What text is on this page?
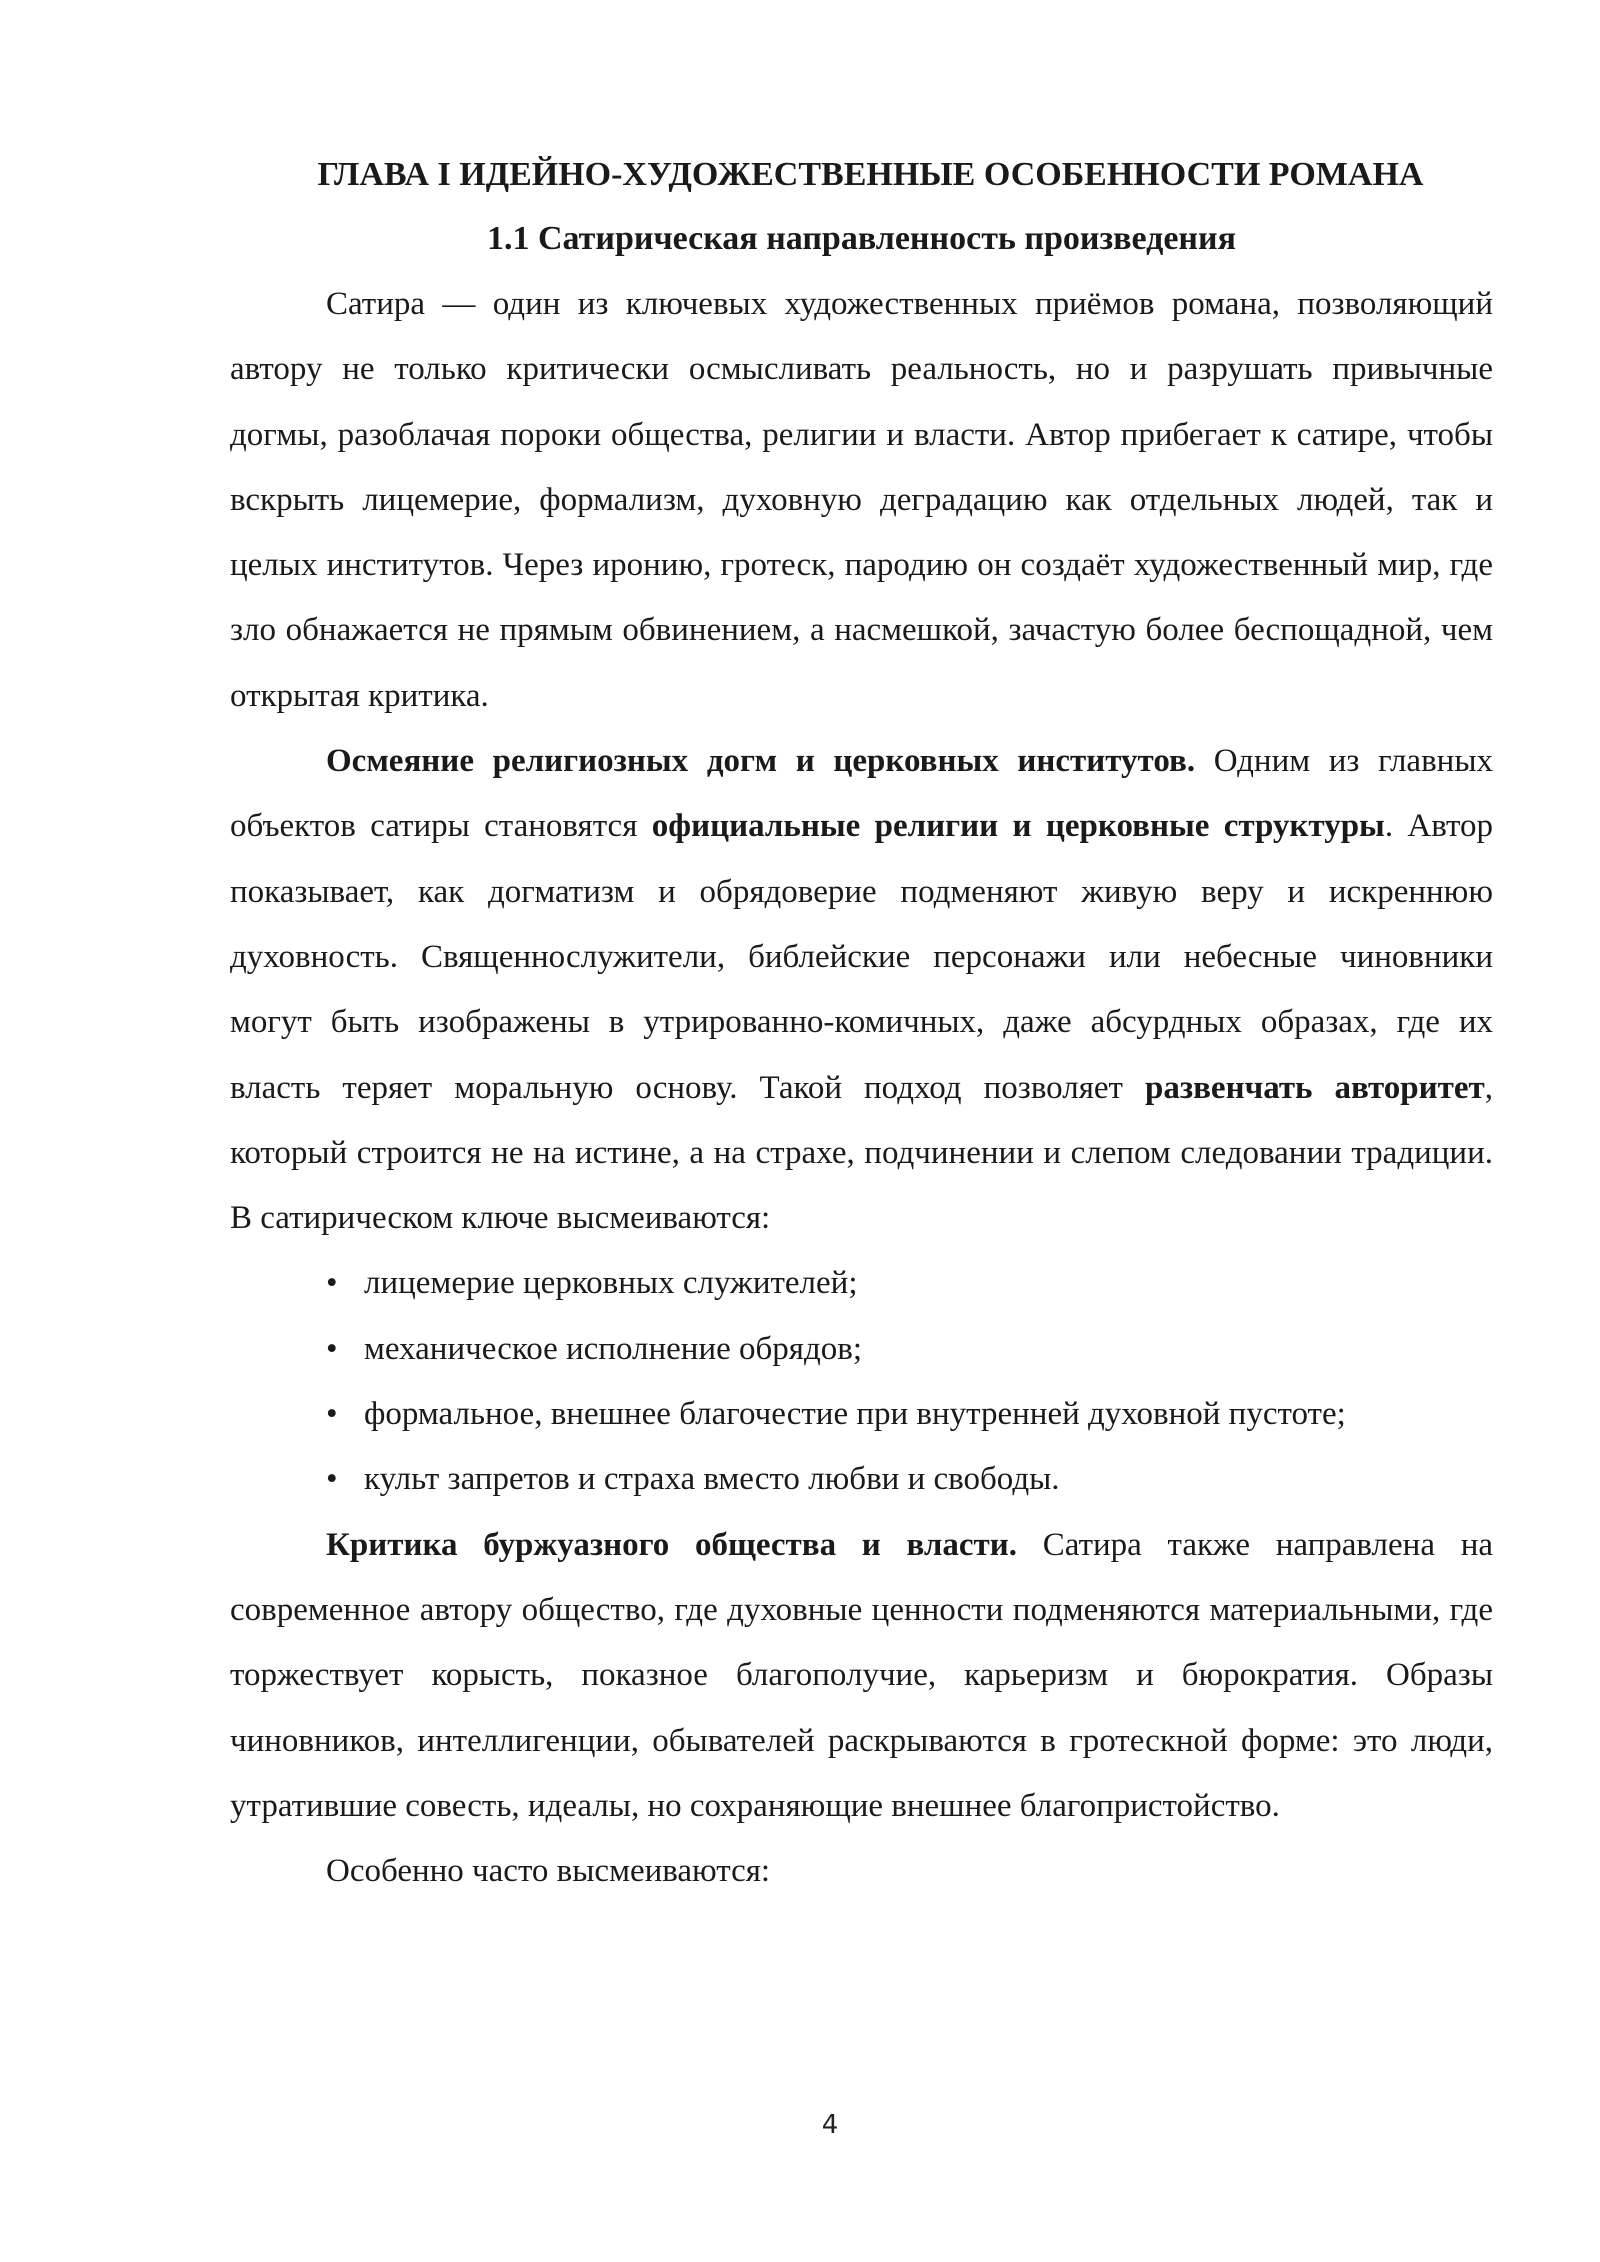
ГЛАВА I ИДЕЙНО-ХУДОЖЕСТВЕННЫЕ ОСОБЕННОСТИ РОМАНА
1.1 Сатирическая направленность произведения

Сатира — один из ключевых художественных приёмов романа, позволяющий автору не только критически осмысливать реальность, но и разрушать привычные догмы, разоблачая пороки общества, религии и власти. Автор прибегает к сатире, чтобы вскрыть лицемерие, формализм, духовную деградацию как отдельных людей, так и целых институтов. Через иронию, гротеск, пародию он создаёт художественный мир, где зло обнажается не прямым обвинением, а насмешкой, зачастую более беспощадной, чем открытая критика.

Осмеяние религиозных догм и церковных институтов. Одним из главных объектов сатиры становятся официальные религии и церковные структуры. Автор показывает, как догматизм и обрядоверие подменяют живую веру и искреннюю духовность. Священнослужители, библейские персонажи или небесные чиновники могут быть изображены в утрированно-комичных, даже абсурдных образах, где их власть теряет моральную основу. Такой подход позволяет развенчать авторитет, который строится не на истине, а на страхе, подчинении и слепом следовании традиции. В сатирическом ключе высмеиваются:

• лицемерие церковных служителей;
• механическое исполнение обрядов;
• формальное, внешнее благочестие при внутренней духовной пустоте;
• культ запретов и страха вместо любви и свободы.

Критика буржуазного общества и власти. Сатира также направлена на современное автору общество, где духовные ценности подменяются материальными, где торжествует корысть, показное благополучие, карьеризм и бюрократия. Образы чиновников, интеллигенции, обывателей раскрываются в гротескной форме: это люди, утратившие совесть, идеалы, но сохраняющие внешнее благопристойство.

Особенно часто высмеиваются:

4
